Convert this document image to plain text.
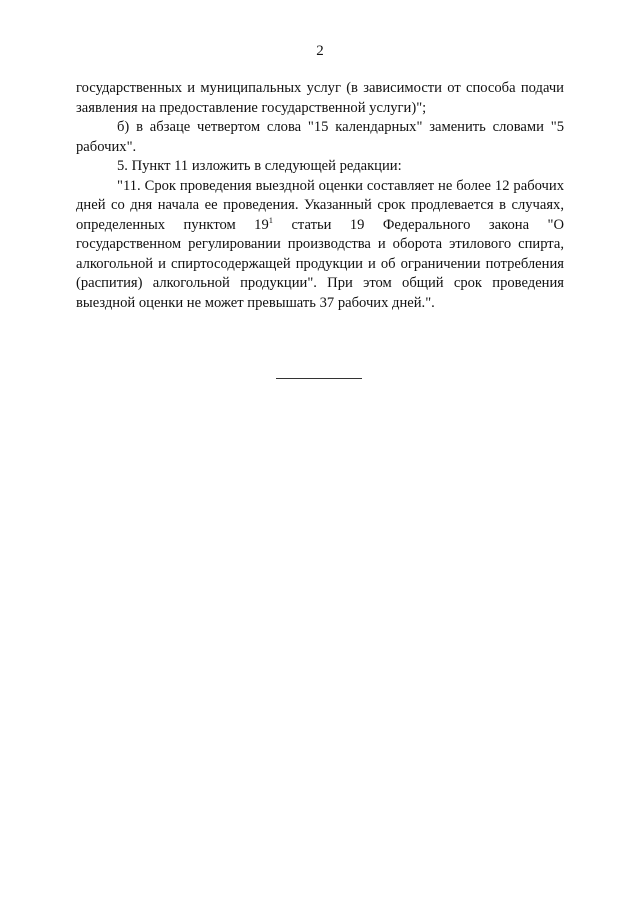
2

государственных и муниципальных услуг (в зависимости от способа подачи заявления на предоставление государственной услуги)";

б) в абзаце четвертом слова "15 календарных" заменить словами "5 рабочих".

5. Пункт 11 изложить в следующей редакции:

"11. Срок проведения выездной оценки составляет не более 12 рабочих дней со дня начала ее проведения. Указанный срок продлевается в случаях, определенных пунктом $19^1$ статьи 19 Федерального закона "О государственном регулировании производства и оборота этилового спирта, алкогольной и спиртосодержащей продукции и об ограничении потребления (распития) алкогольной продукции". При этом общий срок проведения выездной оценки не может превышать 37 рабочих дней.".
